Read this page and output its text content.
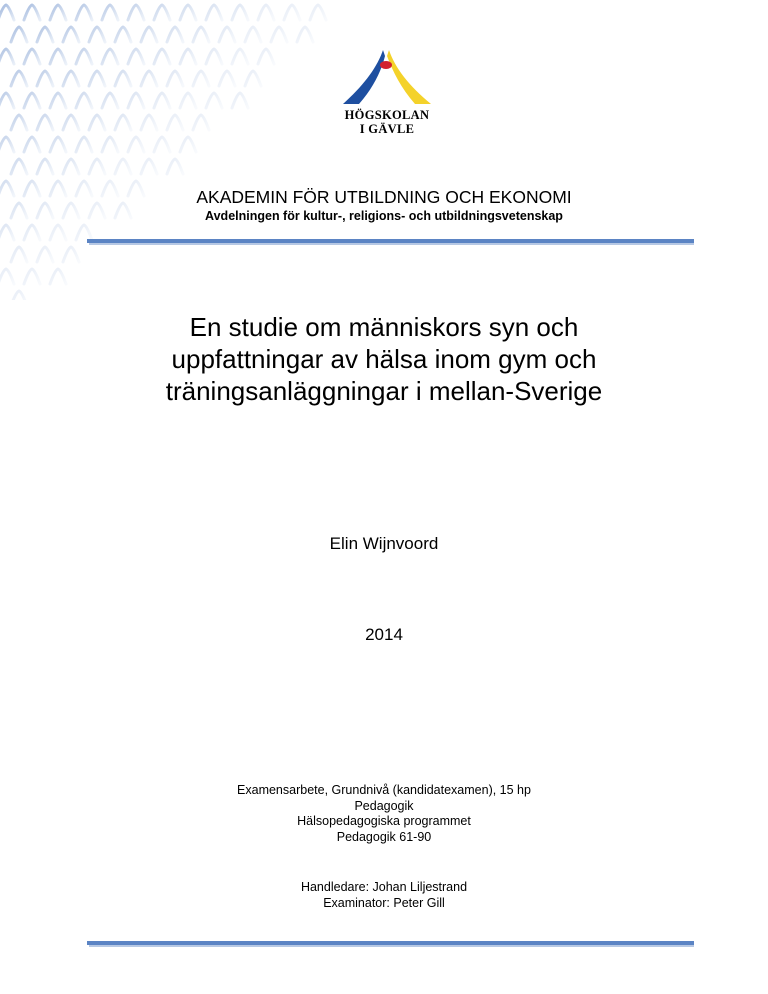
HÖGSKOLAN
I GÄVLE
AKADEMIN FÖR UTBILDNING OCH EKONOMI
Avdelningen för kultur-, religions- och utbildningsvetenskap
En studie om människors syn och
uppfattningar av hälsa inom gym och
träningsanläggningar i mellan-Sverige
Elin Wijnvoord
2014
Examensarbete, Grundnivå (kandidatexamen), 15 hp
Pedagogik
Hälsopedagogiska programmet
Pedagogik 61-90
Handledare: Johan Liljestrand
Examinator: Peter Gill
